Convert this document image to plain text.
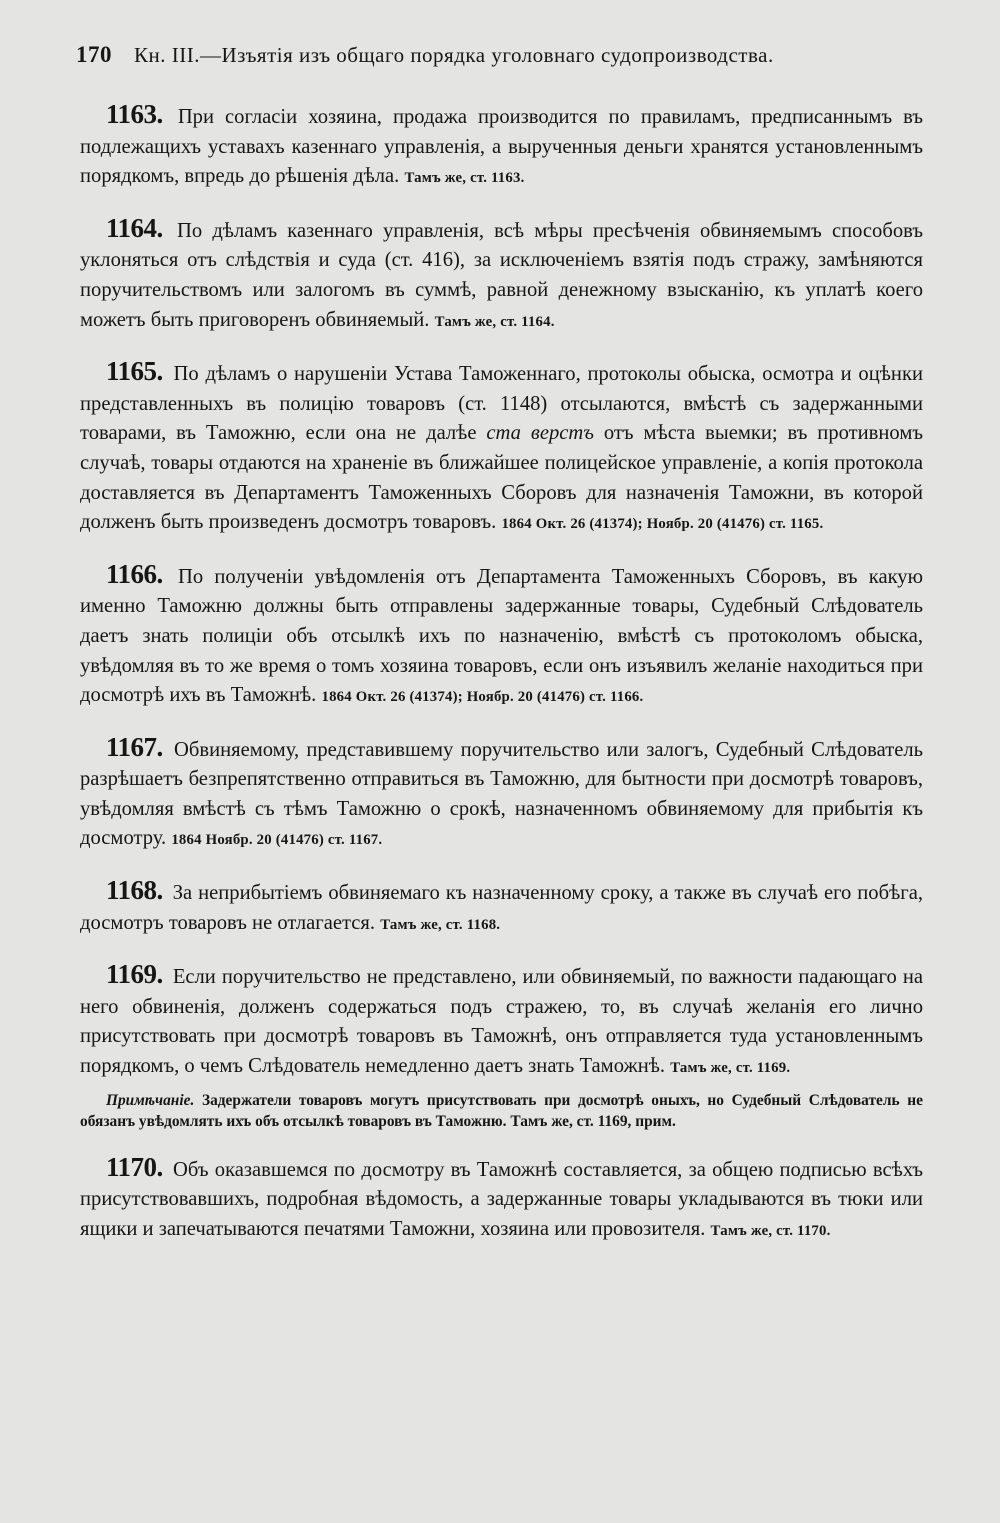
170 Кн. III.—Изъятія изъ общаго порядка уголовнаго судопроизводства.

1163. При согласіи хозяина, продажа производится по правиламъ, предписаннымъ въ подлежащихъ уставахъ казеннаго управленія, а вырученныя деньги хранятся установленнымъ порядкомъ, впредь до рѣшенія дѣла. Тамъ же, ст. 1163.

1164. По дѣламъ казеннаго управленія, всѣ мѣры пресѣченія обвиняемымъ способовъ уклоняться отъ слѣдствія и суда (ст. 416), за исключеніемъ взятія подъ стражу, замѣняются поручительствомъ или залогомъ въ суммѣ, равной денежному взысканію, къ уплатѣ коего можетъ быть приговоренъ обвиняемый. Тамъ же, ст. 1164.

1165. По дѣламъ о нарушеніи Устава Таможеннаго, протоколы обыска, осмотра и оцѣнки представленныхъ въ полицію товаровъ (ст. 1148) отсылаются, вмѣстѣ съ задержанными товарами, въ Таможню, если она не далѣе ста верстъ отъ мѣста выемки; въ противномъ случаѣ, товары отдаются на храненіе въ ближайшее полицейское управленіе, а копія протокола доставляется въ Департаментъ Таможенныхъ Сборовъ для назначенія Таможни, въ которой долженъ быть произведенъ досмотръ товаровъ. 1864 Окт. 26 (41374); Ноябр. 20 (41476) ст. 1165.

1166. По полученіи увѣдомленія отъ Департамента Таможенныхъ Сборовъ, въ какую именно Таможню должны быть отправлены задержанные товары, Судебный Слѣдователь даетъ знать полиціи объ отсылкѣ ихъ по назначенію, вмѣстѣ съ протоколомъ обыска, увѣдомляя въ то же время о томъ хозяина товаровъ, если онъ изъявилъ желаніе находиться при досмотрѣ ихъ въ Таможнѣ. 1864 Окт. 26 (41374); Ноябр. 20 (41476) ст. 1166.

1167. Обвиняемому, представившему поручительство или залогъ, Судебный Слѣдователь разрѣшаетъ безпрепятственно отправиться въ Таможню, для бытности при досмотрѣ товаровъ, увѣдомляя вмѣстѣ съ тѣмъ Таможню о срокѣ, назначенномъ обвиняемому для прибытія къ досмотру. 1864 Ноябр. 20 (41476) ст. 1167.

1168. За неприбытіемъ обвиняемаго къ назначенному сроку, а также въ случаѣ его побѣга, досмотръ товаровъ не отлагается. Тамъ же, ст. 1168.

1169. Если поручительство не представлено, или обвиняемый, по важности падающаго на него обвиненія, долженъ содержаться подъ стражею, то, въ случаѣ желанія его лично присутствовать при досмотрѣ товаровъ въ Таможнѣ, онъ отправляется туда установленнымъ порядкомъ, о чемъ Слѣдователь немедленно даетъ знать Таможнѣ. Тамъ же, ст. 1169.

Примѣчаніе. Задержатели товаровъ могутъ присутствовать при досмотрѣ оныхъ, но Судебный Слѣдователь не обязанъ увѣдомлять ихъ объ отсылкѣ товаровъ въ Таможню. Тамъ же, ст. 1169, прим.

1170. Объ оказавшемся по досмотру въ Таможнѣ составляется, за общею подписью всѣхъ присутствовавшихъ, подробная вѣдомость, а задержанные товары укладываются въ тюки или ящики и запечатываются печатями Таможни, хозяина или провозителя. Тамъ же, ст. 1170.
